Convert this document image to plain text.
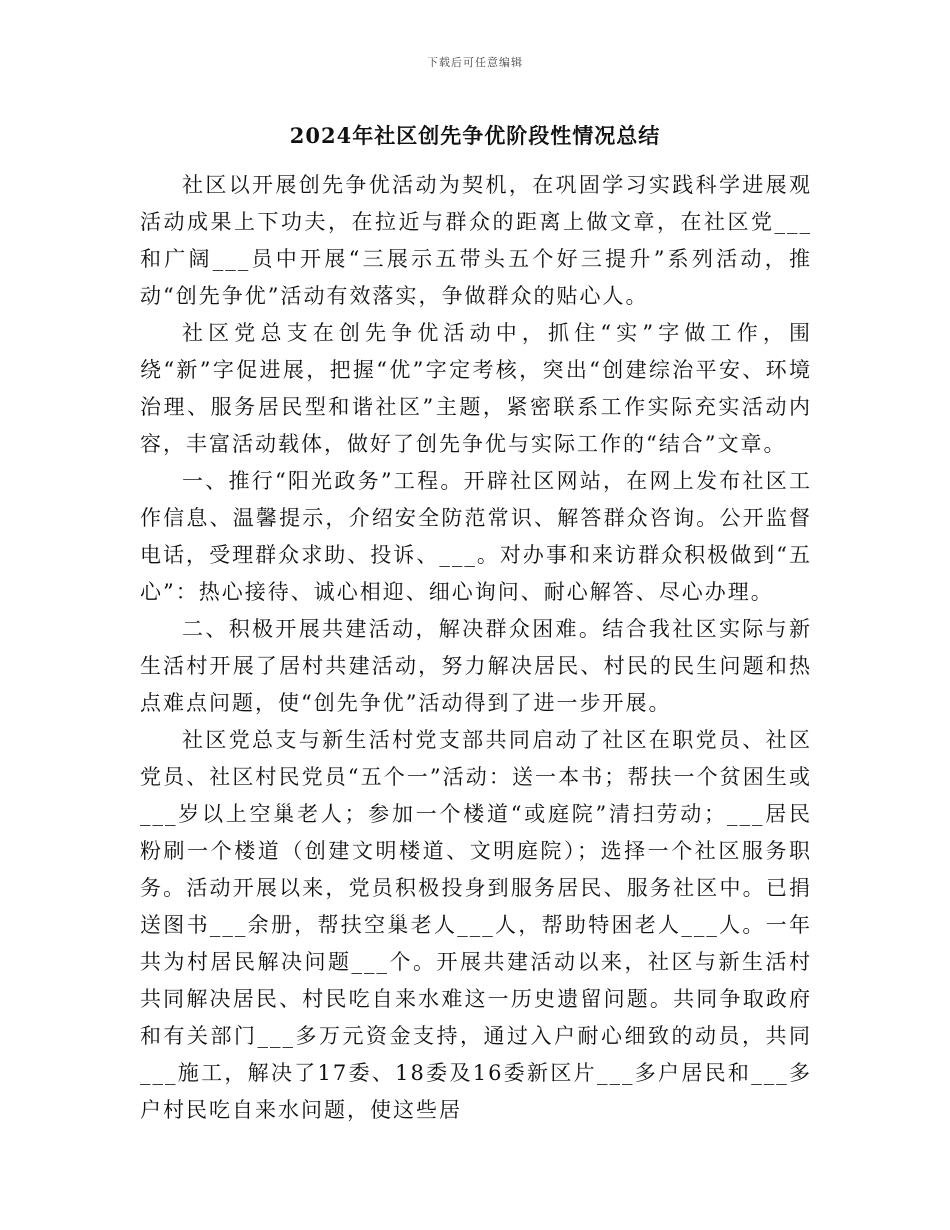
下载后可任意编辑
2024年社区创先争优阶段性情况总结

社区以开展创先争优活动为契机，在巩固学习实践科学进展观活动成果上下功夫，在拉近与群众的距离上做文章，在社区党___和广阔___员中开展“三展示五带头五个好三提升”系列活动，推动“创先争优”活动有效落实，争做群众的贴心人。

社区党总支在创先争优活动中，抓住“实”字做工作，围绕“新”字促进展，把握“优”字定考核，突出“创建综治平安、环境治理、服务居民型和谐社区”主题，紧密联系工作实际充实活动内容，丰富活动载体，做好了创先争优与实际工作的“结合”文章。

一、推行“阳光政务”工程。开辟社区网站，在网上发布社区工作信息、温馨提示，介绍安全防范常识、解答群众咨询。公开监督电话，受理群众求助、投诉、___。对办事和来访群众积极做到“五心”：热心接待、诚心相迎、细心询问、耐心解答、尽心办理。

二、积极开展共建活动，解决群众困难。结合我社区实际与新生活村开展了居村共建活动，努力解决居民、村民的民生问题和热点难点问题，使“创先争优”活动得到了进一步开展。

社区党总支与新生活村党支部共同启动了社区在职党员、社区党员、社区村民党员“五个一”活动：送一本书；帮扶一个贫困生或___岁以上空巢老人；参加一个楼道“或庭院”清扫劳动；___居民粉刷一个楼道（创建文明楼道、文明庭院）；选择一个社区服务职务。活动开展以来，党员积极投身到服务居民、服务社区中。已捐送图书___余册，帮扶空巢老人___人，帮助特困老人___人。一年共为村居民解决问题___个。开展共建活动以来，社区与新生活村共同解决居民、村民吃自来水难这一历史遗留问题。共同争取政府和有关部门___多万元资金支持，通过入户耐心细致的动员，共同___施工，解决了17委、18委及16委新区片___多户居民和___多户村民吃自来水问题，使这些居
